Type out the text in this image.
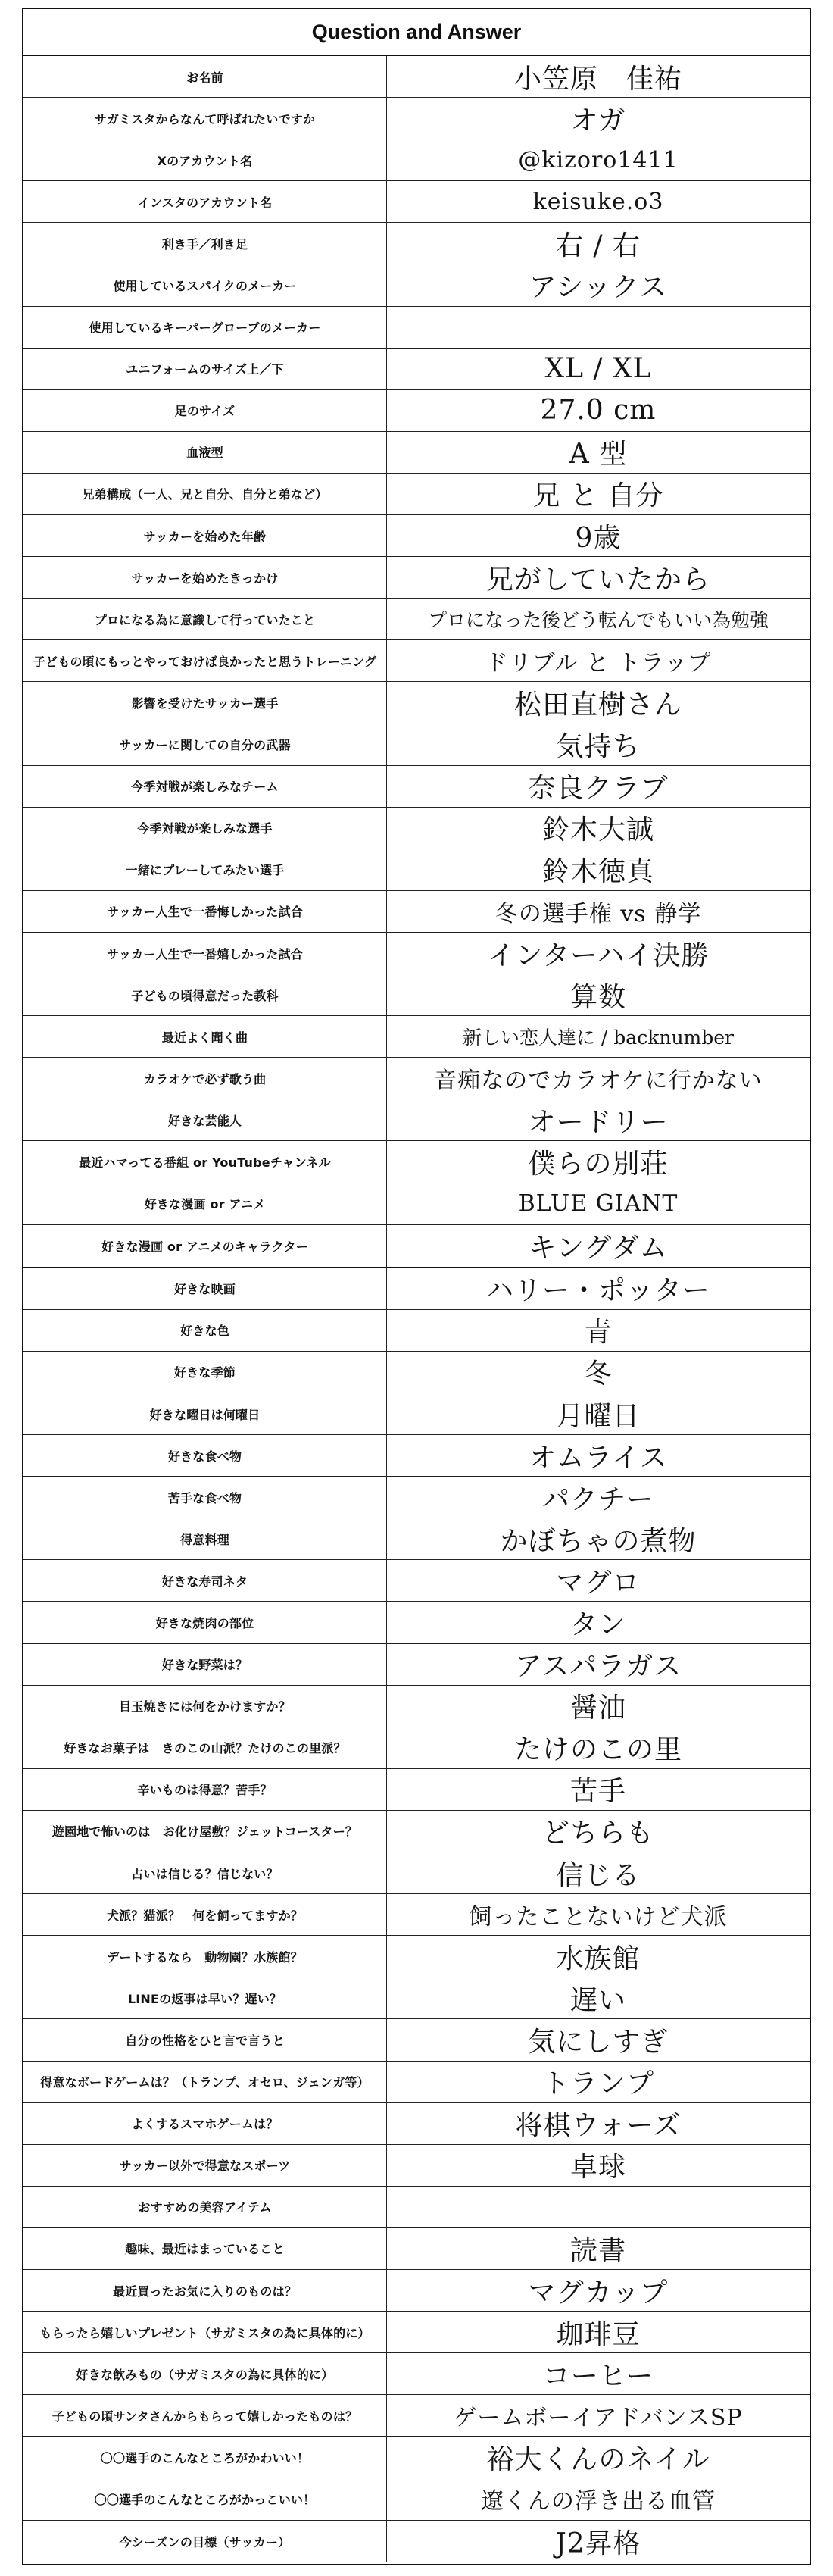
Question and Answer
お名前	小笠原　佳祐
サガミスタからなんて呼ばれたいですか	オガ
Xのアカウント名	@kizoro1411
インスタのアカウント名	keisuke.o3
利き手／利き足	右 / 右
使用しているスパイクのメーカー	アシックス
使用しているキーパーグローブのメーカー
ユニフォームのサイズ上／下	XL / XL
足のサイズ	27.0 cm
血液型	A 型
兄弟構成（一人、兄と自分、自分と弟など）	兄 と 自分
サッカーを始めた年齢	9歳
サッカーを始めたきっかけ	兄がしていたから
プロになる為に意識して行っていたこと	プロになった後どう転んでもいい為勉強
子どもの頃にもっとやっておけば良かったと思うトレーニング	ドリブル と トラップ
影響を受けたサッカー選手	松田直樹さん
サッカーに関しての自分の武器	気持ち
今季対戦が楽しみなチーム	奈良クラブ
今季対戦が楽しみな選手	鈴木大誠
一緒にプレーしてみたい選手	鈴木徳真
サッカー人生で一番悔しかった試合	冬の選手権 vs 静学
サッカー人生で一番嬉しかった試合	インターハイ決勝
子どもの頃得意だった教科	算数
最近よく聞く曲	新しい恋人達に / backnumber
カラオケで必ず歌う曲	音痴なのでカラオケに行かない
好きな芸能人	オードリー
最近ハマってる番組 or YouTubeチャンネル	僕らの別荘
好きな漫画 or アニメ	BLUE GIANT
好きな漫画 or アニメのキャラクター	キングダム
好きな映画	ハリー・ポッター
好きな色	青
好きな季節	冬
好きな曜日は何曜日	月曜日
好きな食べ物	オムライス
苦手な食べ物	パクチー
得意料理	かぼちゃの煮物
好きな寿司ネタ	マグロ
好きな焼肉の部位	タン
好きな野菜は？	アスパラガス
目玉焼きには何をかけますか？	醤油
好きなお菓子は　きのこの山派？たけのこの里派？	たけのこの里
辛いものは得意？苦手？	苦手
遊園地で怖いのは　お化け屋敷？ジェットコースター？	どちらも
占いは信じる？信じない？	信じる
犬派？猫派？　何を飼ってますか？	飼ったことないけど犬派
デートするなら　動物園？水族館？	水族館
LINEの返事は早い？遅い？	遅い
自分の性格をひと言で言うと	気にしすぎ
得意なボードゲームは？（トランプ、オセロ、ジェンガ等）	トランプ
よくするスマホゲームは？	将棋ウォーズ
サッカー以外で得意なスポーツ	卓球
おすすめの美容アイテム
趣味、最近はまっていること	読書
最近買ったお気に入りのものは？	マグカップ
もらったら嬉しいプレゼント（サガミスタの為に具体的に）	珈琲豆
好きな飲みもの（サガミスタの為に具体的に）	コーヒー
子どもの頃サンタさんからもらって嬉しかったものは？	ゲームボーイアドバンスSP
〇〇選手のこんなところがかわいい！	裕大くんのネイル
〇〇選手のこんなところがかっこいい！	遼くんの浮き出る血管
今シーズンの目標（サッカー）	J2昇格
